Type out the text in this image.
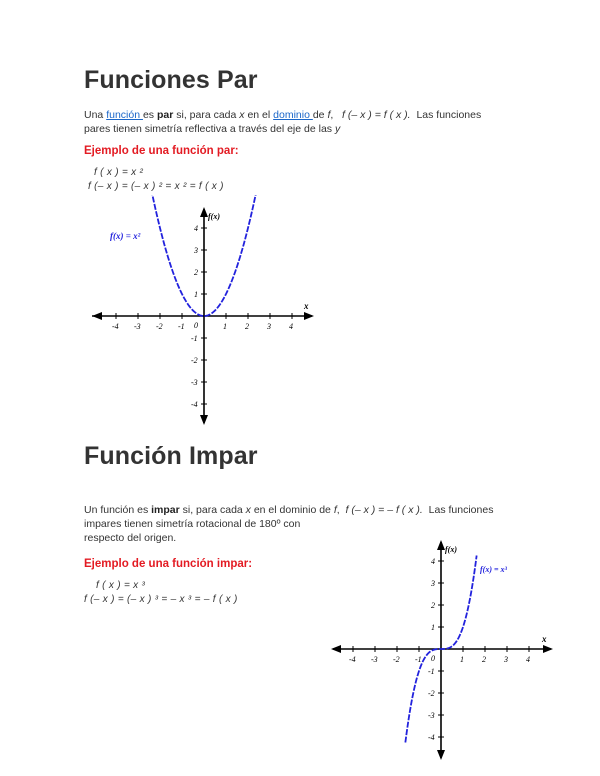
Funciones Par
Una función es par si, para cada x en el dominio de f,   f (– x ) = f ( x ).  Las funciones
pares tienen simetría reflectiva a través del eje de las y
Ejemplo de una función par:
f ( x ) = x ²
f (– x ) = (– x ) ² = x ² = f ( x )
-4 -3 -2 -1	1 2 3 4
4
3
2
1
-1
-2
-3
-4
0
x
f(x)
f(x) = x²
Función Impar
Un función es impar si, para cada x en el dominio de f,  f (– x ) = – f ( x ).  Las funciones
impares tienen simetría rotacional de 180º con
respecto del origen.
Ejemplo de una función impar:
f ( x ) = x ³
f (– x ) = (– x ) ³ = – x ³ = – f ( x )
-4 -3 -2 -1	1 2 3 4
4
3
2
1
-1
-2
-3
-4
0
x
f(x)
f(x) = x³
